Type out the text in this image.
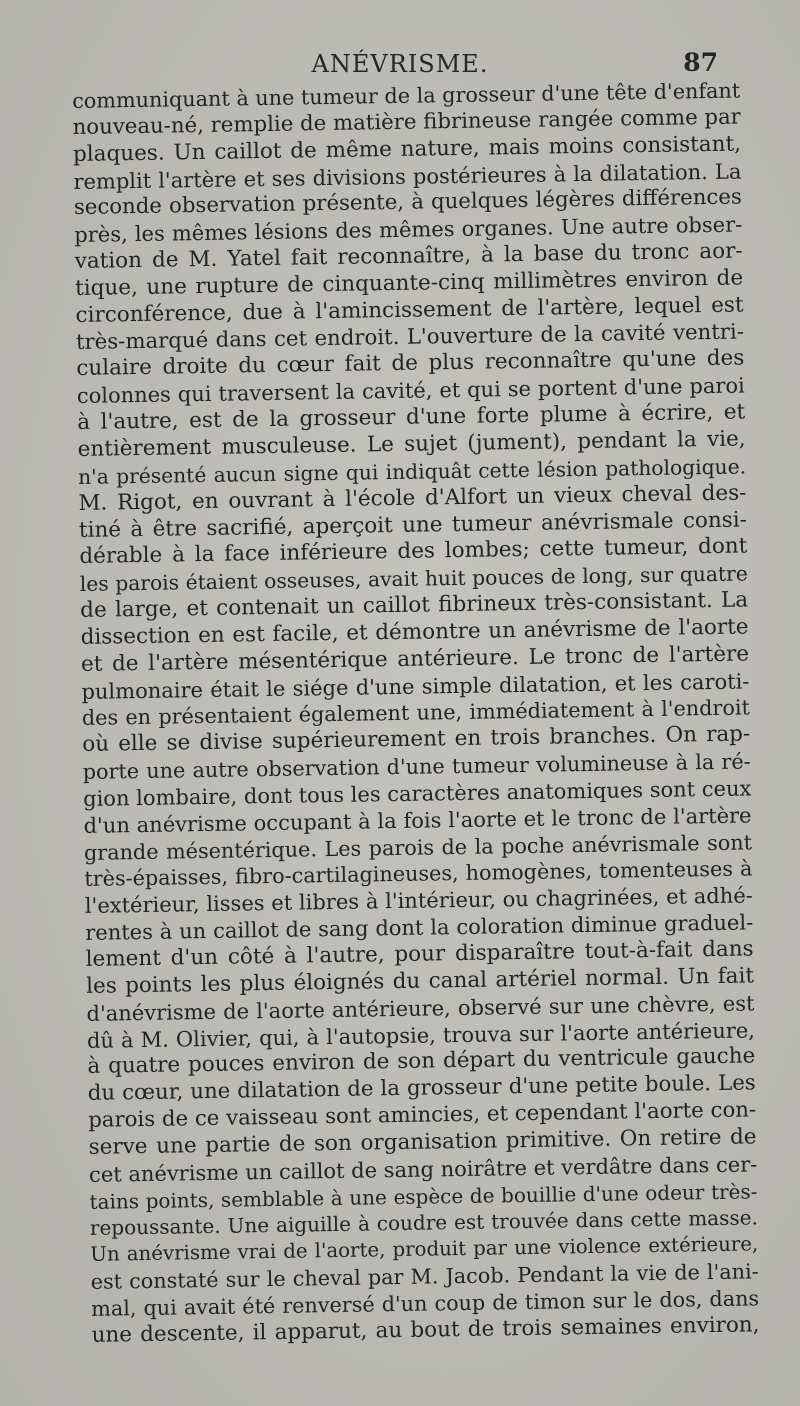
ANÉVRISME.	87
communiquant à une tumeur de la grosseur d'une tête d'enfant
nouveau-né, remplie de matière fibrineuse rangée comme par
plaques. Un caillot de même nature, mais moins consistant,
remplit l'artère et ses divisions postérieures à la dilatation. La
seconde observation présente, à quelques légères différences
près, les mêmes lésions des mêmes organes. Une autre obser-
vation de M. Yatel fait reconnaître, à la base du tronc aor-
tique, une rupture de cinquante-cinq millimètres environ de
circonférence, due à l'amincissement de l'artère, lequel est
très-marqué dans cet endroit. L'ouverture de la cavité ventri-
culaire droite du cœur fait de plus reconnaître qu'une des
colonnes qui traversent la cavité, et qui se portent d'une paroi
à l'autre, est de la grosseur d'une forte plume à écrire, et
entièrement musculeuse. Le sujet (jument), pendant la vie,
n'a présenté aucun signe qui indiquât cette lésion pathologique.
M. Rigot, en ouvrant à l'école d'Alfort un vieux cheval des-
tiné à être sacrifié, aperçoit une tumeur anévrismale consi-
dérable à la face inférieure des lombes; cette tumeur, dont
les parois étaient osseuses, avait huit pouces de long, sur quatre
de large, et contenait un caillot fibrineux très-consistant. La
dissection en est facile, et démontre un anévrisme de l'aorte
et de l'artère mésentérique antérieure. Le tronc de l'artère
pulmonaire était le siége d'une simple dilatation, et les caroti-
des en présentaient également une, immédiatement à l'endroit
où elle se divise supérieurement en trois branches. On rap-
porte une autre observation d'une tumeur volumineuse à la ré-
gion lombaire, dont tous les caractères anatomiques sont ceux
d'un anévrisme occupant à la fois l'aorte et le tronc de l'artère
grande mésentérique. Les parois de la poche anévrismale sont
très-épaisses, fibro-cartilagineuses, homogènes, tomenteuses à
l'extérieur, lisses et libres à l'intérieur, ou chagrinées, et adhé-
rentes à un caillot de sang dont la coloration diminue graduel-
lement d'un côté à l'autre, pour disparaître tout-à-fait dans
les points les plus éloignés du canal artériel normal. Un fait
d'anévrisme de l'aorte antérieure, observé sur une chèvre, est
dû à M. Olivier, qui, à l'autopsie, trouva sur l'aorte antérieure,
à quatre pouces environ de son départ du ventricule gauche
du cœur, une dilatation de la grosseur d'une petite boule. Les
parois de ce vaisseau sont amincies, et cependant l'aorte con-
serve une partie de son organisation primitive. On retire de
cet anévrisme un caillot de sang noirâtre et verdâtre dans cer-
tains points, semblable à une espèce de bouillie d'une odeur très-
repoussante. Une aiguille à coudre est trouvée dans cette masse.
Un anévrisme vrai de l'aorte, produit par une violence extérieure,
est constaté sur le cheval par M. Jacob. Pendant la vie de l'ani-
mal, qui avait été renversé d'un coup de timon sur le dos, dans
une descente, il apparut, au bout de trois semaines environ,
